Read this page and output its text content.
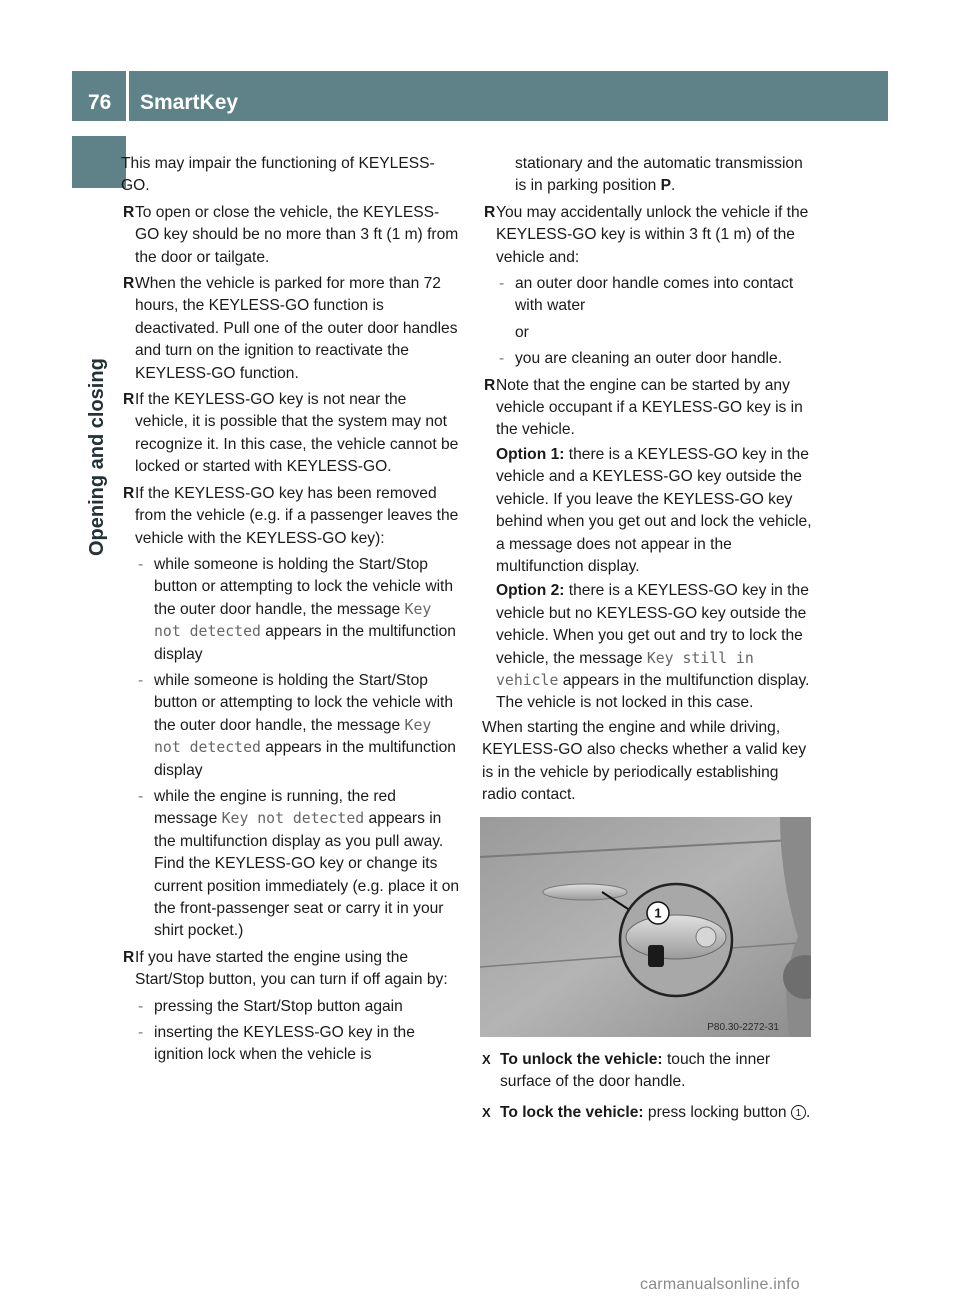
76	SmartKey
Opening and closing

This may impair the functioning of KEYLESS-GO.

R To open or close the vehicle, the KEYLESS-GO key should be no more than 3 ft (1 m) from the door or tailgate.

R When the vehicle is parked for more than 72 hours, the KEYLESS-GO function is deactivated. Pull one of the outer door handles and turn on the ignition to reactivate the KEYLESS-GO function.

R If the KEYLESS-GO key is not near the vehicle, it is possible that the system may not recognize it. In this case, the vehicle cannot be locked or started with KEYLESS-GO.

R If the KEYLESS-GO key has been removed from the vehicle (e.g. if a passenger leaves the vehicle with the KEYLESS-GO key):

- while someone is holding the Start/Stop button or attempting to lock the vehicle with the outer door handle, the message Key not detected appears in the multifunction display

- while someone is holding the Start/Stop button or attempting to lock the vehicle with the outer door handle, the message Key not detected appears in the multifunction display

- while the engine is running, the red message Key not detected appears in the multifunction display as you pull away. Find the KEYLESS-GO key or change its current position immediately (e.g. place it on the front-passenger seat or carry it in your shirt pocket.)

R If you have started the engine using the Start/Stop button, you can turn if off again by:

- pressing the Start/Stop button again

- inserting the KEYLESS-GO key in the ignition lock when the vehicle is

stationary and the automatic transmission is in parking position P.

R You may accidentally unlock the vehicle if the KEYLESS-GO key is within 3 ft (1 m) of the vehicle and:

- an outer door handle comes into contact with water

or

- you are cleaning an outer door handle.

R Note that the engine can be started by any vehicle occupant if a KEYLESS-GO key is in the vehicle.

Option 1: there is a KEYLESS-GO key in the vehicle and a KEYLESS-GO key outside the vehicle. If you leave the KEYLESS-GO key behind when you get out and lock the vehicle, a message does not appear in the multifunction display.

Option 2: there is a KEYLESS-GO key in the vehicle but no KEYLESS-GO key outside the vehicle. When you get out and try to lock the vehicle, the message Key still in vehicle appears in the multifunction display. The vehicle is not locked in this case.

When starting the engine and while driving, KEYLESS-GO also checks whether a valid key is in the vehicle by periodically establishing radio contact.

1
P80.30-2272-31

X To unlock the vehicle: touch the inner surface of the door handle.

X To lock the vehicle: press locking button 1 .

carmanualsonline.info
